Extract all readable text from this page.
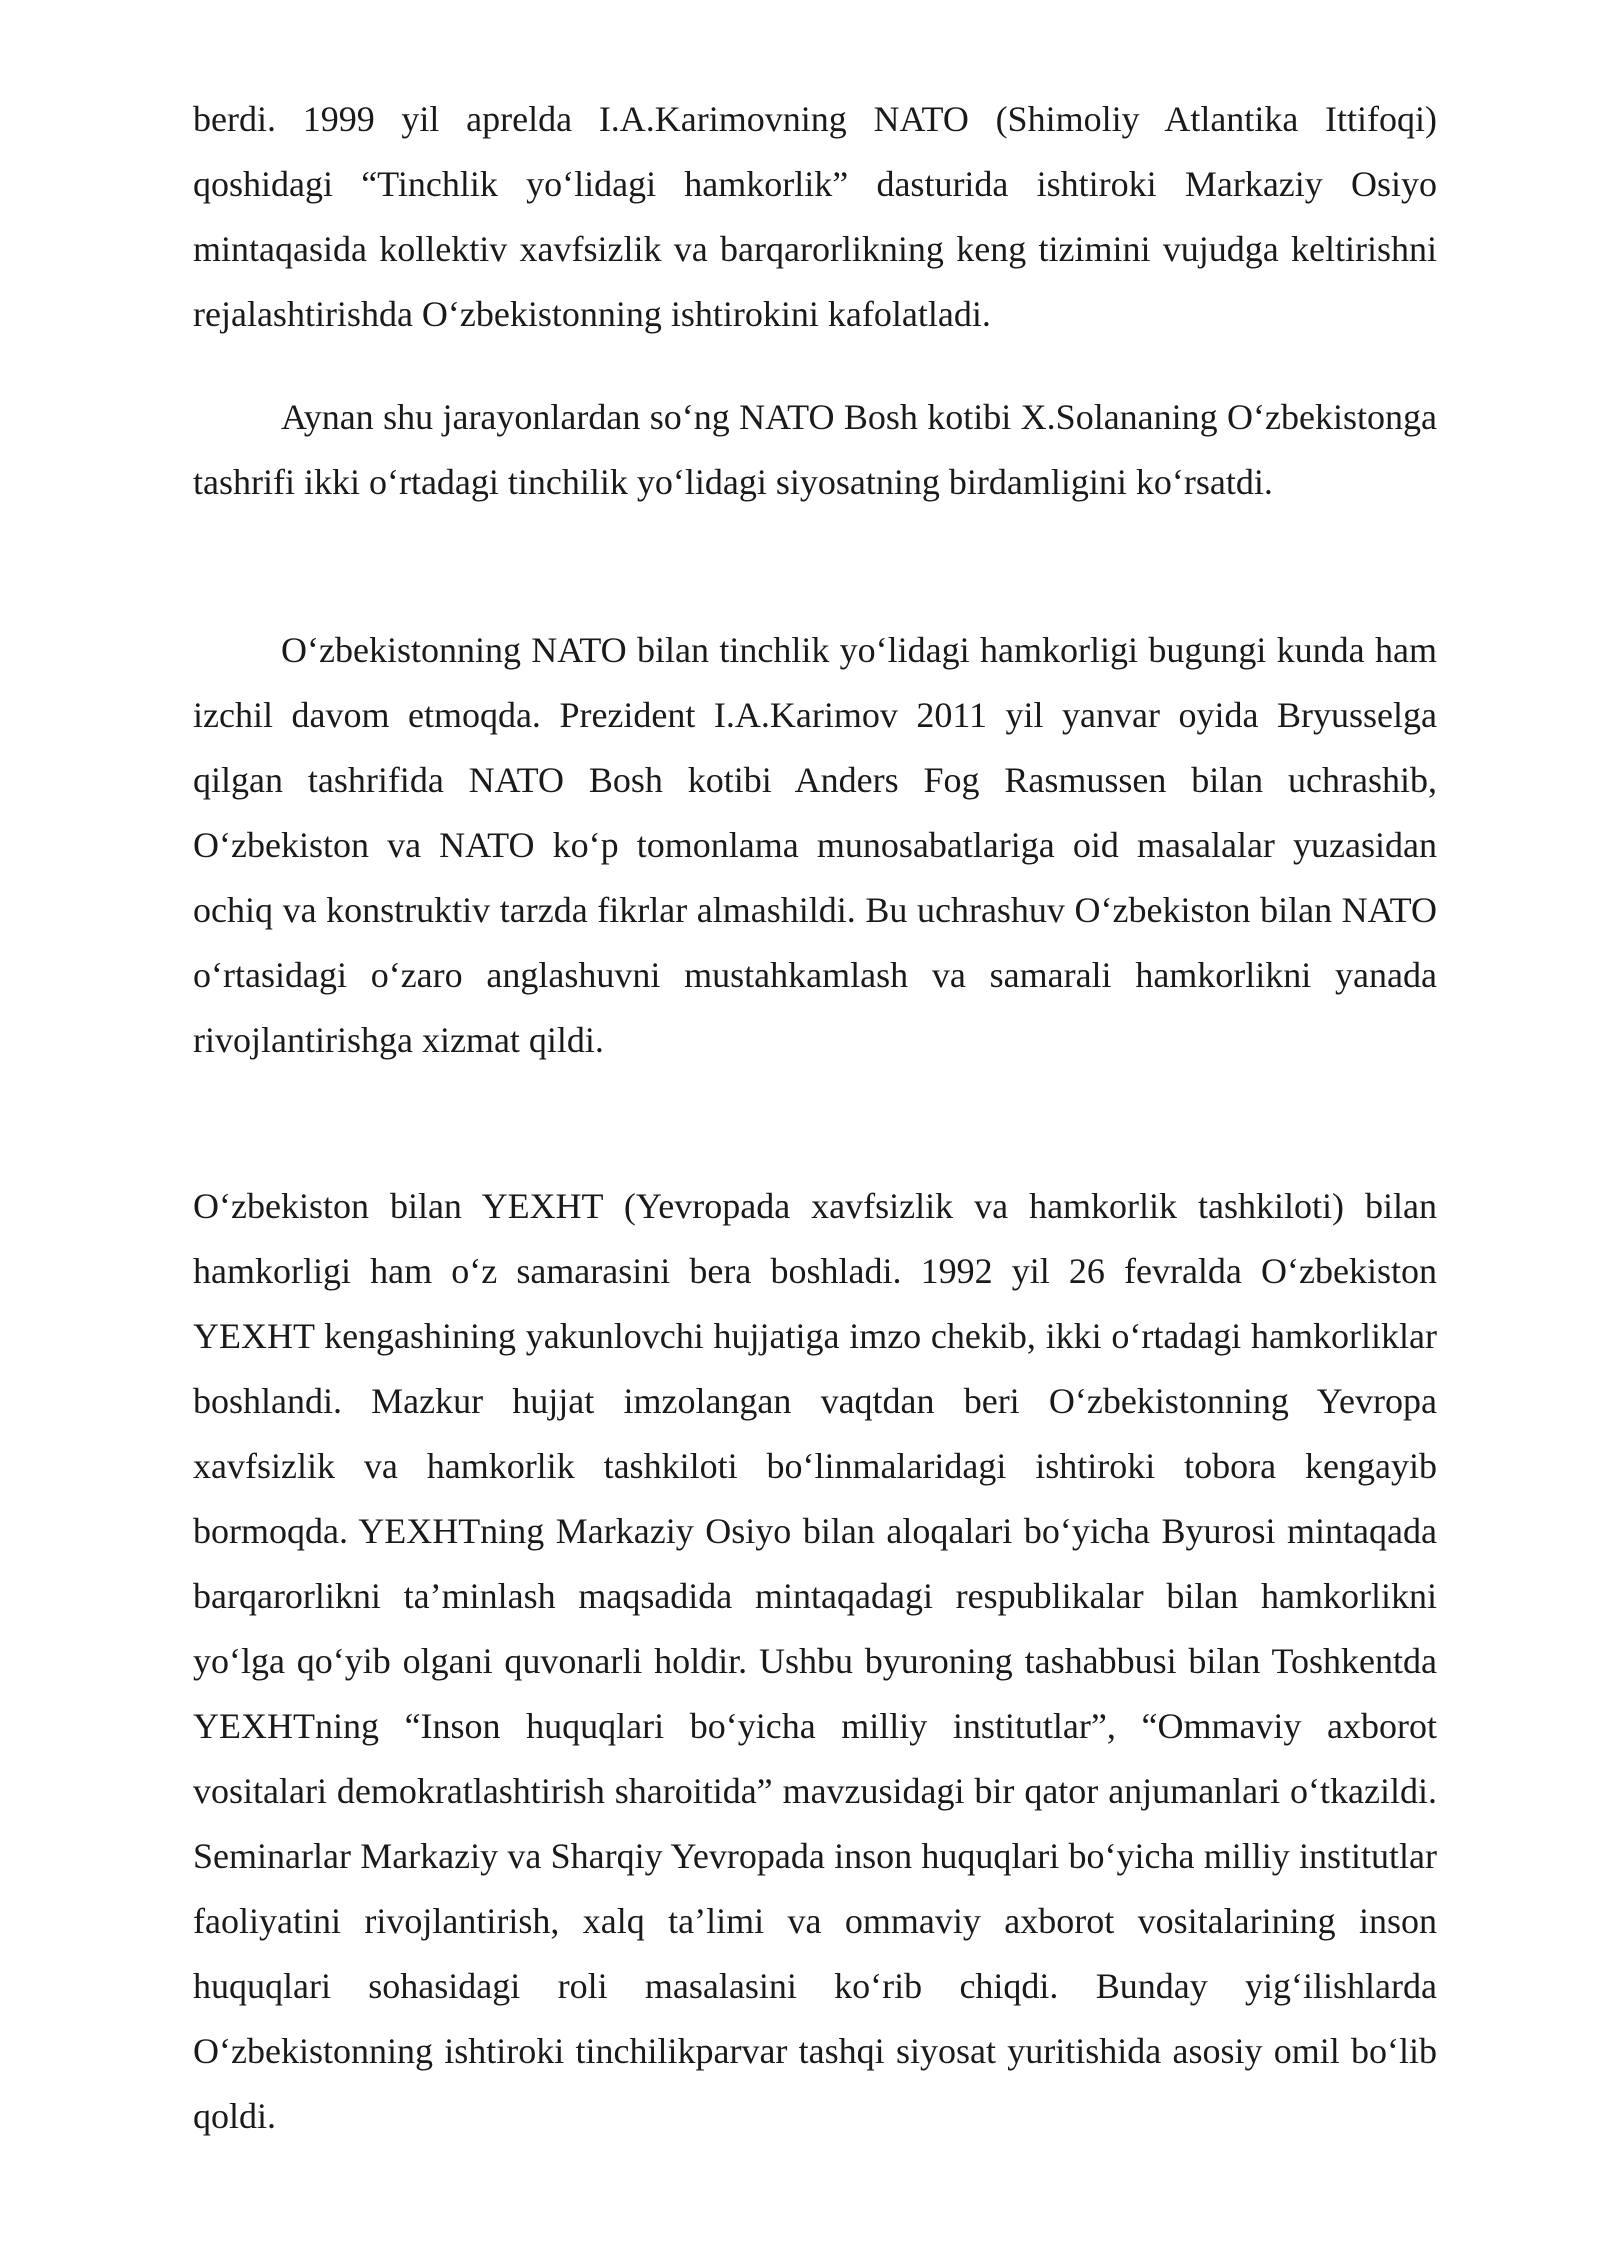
berdi. 1999 yil aprelda I.A.Karimovning NATO (Shimoliy Atlantika Ittifoqi) qoshidagi “Tinchlik yo‘lidagi hamkorlik” dasturida ishtiroki Markaziy Osiyo mintaqasida kollektiv xavfsizlik va barqarorlikning keng tizimini vujudga keltirishni rejalashtirishda O‘zbekistonning ishtirokini kafolatladi.

Aynan shu jarayonlardan so‘ng NATO Bosh kotibi X.Solananing O‘zbekistonga tashrifi ikki o‘rtadagi tinchilik yo‘lidagi siyosatning birdamligini ko‘rsatdi.

O‘zbekistonning NATO bilan tinchlik yo‘lidagi hamkorligi bugungi kunda ham izchil davom etmoqda. Prezident I.A.Karimov 2011 yil yanvar oyida Bryusselga qilgan tashrifida NATO Bosh kotibi Anders Fog Rasmussen bilan uchrashib, O‘zbekiston va NATO ko‘p tomonlama munosabatlariga oid masalalar yuzasidan ochiq va konstruktiv tarzda fikrlar almashildi. Bu uchrashuv O‘zbekiston bilan NATO o‘rtasidagi o‘zaro anglashuvni mustahkamlash va samarali hamkorlikni yanada rivojlantirishga xizmat qildi.

O‘zbekiston bilan YEXHT (Yevropada xavfsizlik va hamkorlik tashkiloti) bilan hamkorligi ham o‘z samarasini bera boshladi. 1992 yil 26 fevralda O‘zbekiston YEXHT kengashining yakunlovchi hujjatiga imzo chekib, ikki o‘rtadagi hamkorliklar boshlandi. Mazkur hujjat imzolangan vaqtdan beri O‘zbekistonning Yevropa xavfsizlik va hamkorlik tashkiloti bo‘linmalaridagi ishtiroki tobora kengayib bormoqda. YEXHTning Markaziy Osiyo bilan aloqalari bo‘yicha Byurosi mintaqada barqarorlikni ta’minlash maqsadida mintaqadagi respublikalar bilan hamkorlikni yo‘lga qo‘yib olgani quvonarli holdir. Ushbu byuroning tashabbusi bilan Toshkentda YEXHTning “Inson huquqlari bo‘yicha milliy institutlar”, “Ommaviy axborot vositalari demokratlashtirish sharoitida” mavzusidagi bir qator anjumanlari o‘tkazildi. Seminarlar Markaziy va Sharqiy Yevropada inson huquqlari bo‘yicha milliy institutlar faoliyatini rivojlantirish, xalq ta’limi va ommaviy axborot vositalarining inson huquqlari sohasidagi roli masalasini ko‘rib chiqdi. Bunday yig‘ilishlarda O‘zbekistonning ishtiroki tinchilikparvar tashqi siyosat yuritishida asosiy omil bo‘lib qoldi.
